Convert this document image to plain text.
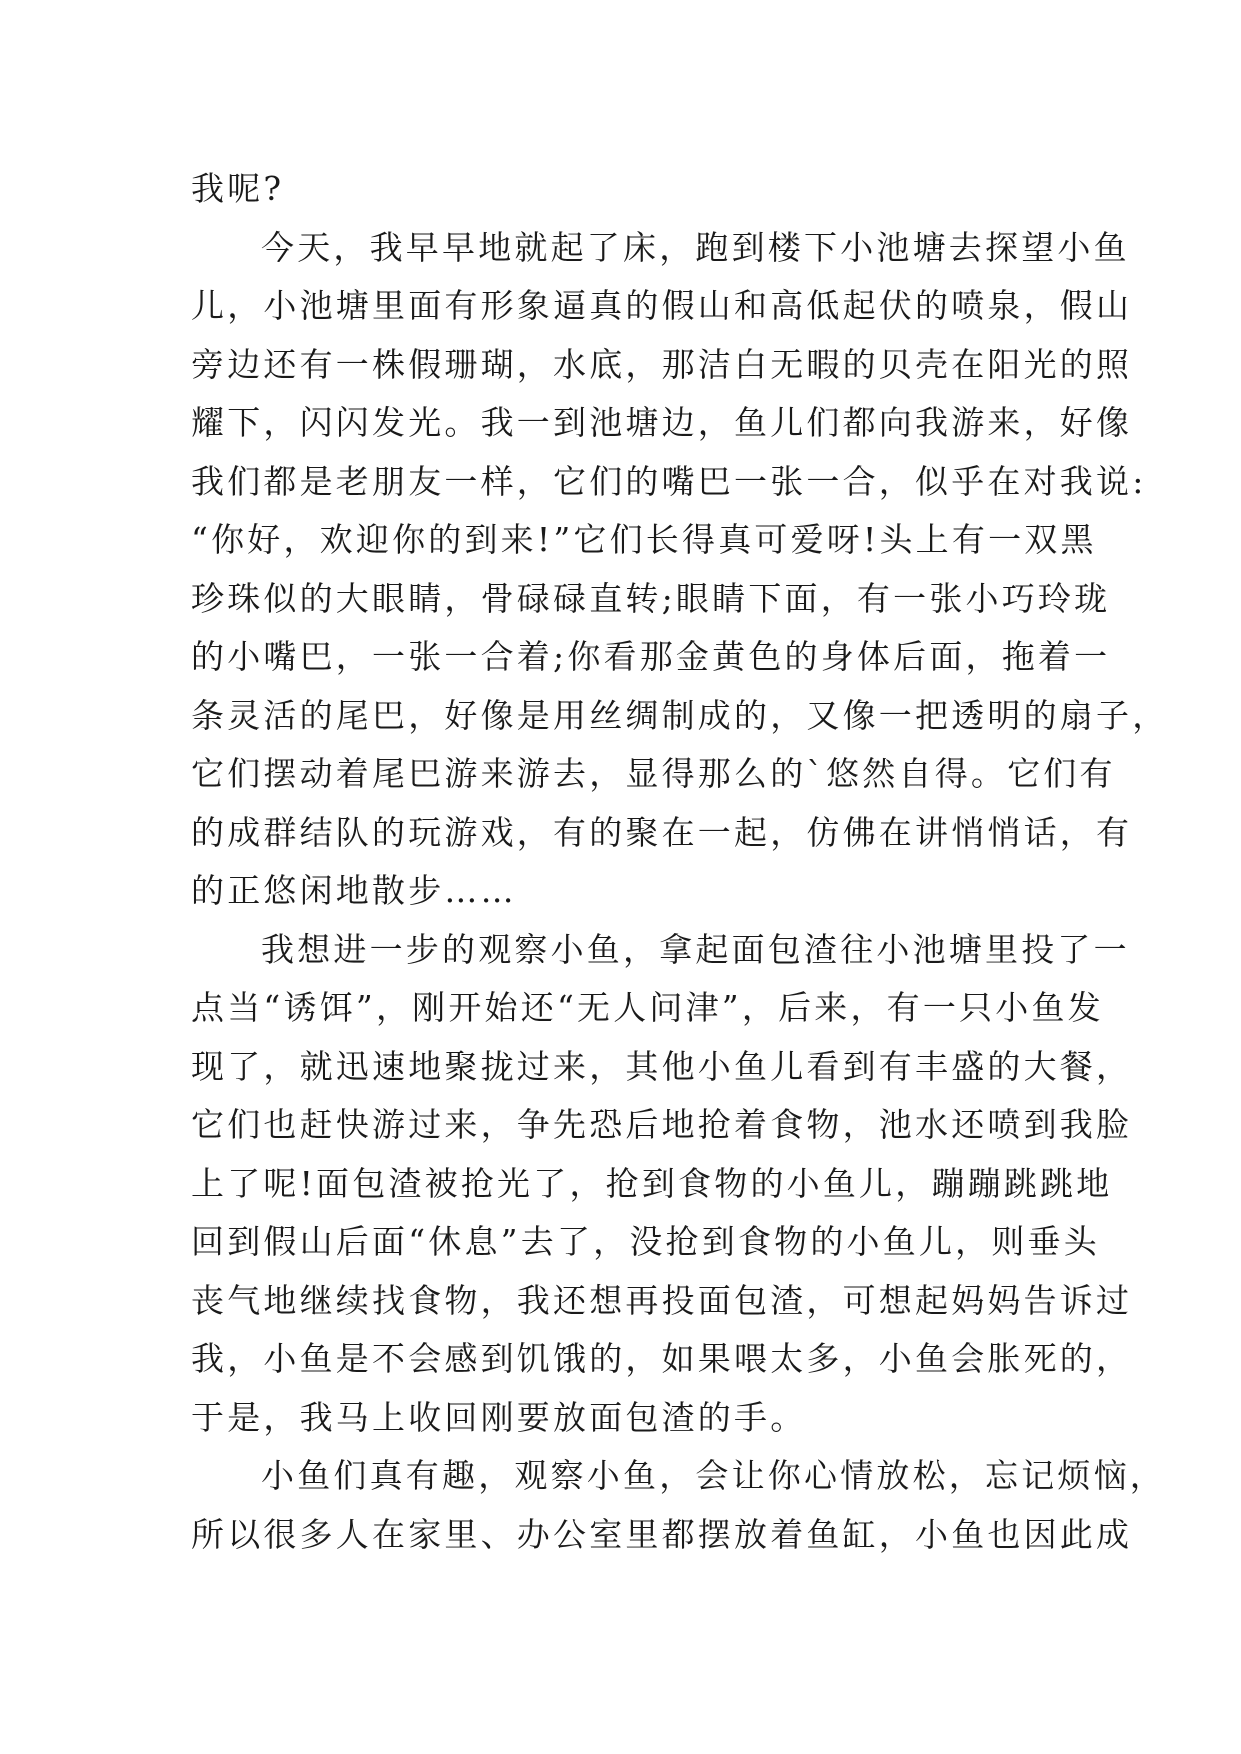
我呢?
今天，我早早地就起了床，跑到楼下小池塘去探望小鱼
儿，小池塘里面有形象逼真的假山和高低起伏的喷泉，假山
旁边还有一株假珊瑚，水底，那洁白无暇的贝壳在阳光的照
耀下，闪闪发光。我一到池塘边，鱼儿们都向我游来，好像
我们都是老朋友一样，它们的嘴巴一张一合，似乎在对我说:
“你好，欢迎你的到来!”它们长得真可爱呀!头上有一双黑
珍珠似的大眼睛，骨碌碌直转;眼睛下面，有一张小巧玲珑
的小嘴巴，一张一合着;你看那金黄色的身体后面，拖着一
条灵活的尾巴，好像是用丝绸制成的，又像一把透明的扇子，
它们摆动着尾巴游来游去，显得那么的`悠然自得。它们有
的成群结队的玩游戏，有的聚在一起，仿佛在讲悄悄话，有
的正悠闲地散步……
我想进一步的观察小鱼，拿起面包渣往小池塘里投了一
点当“诱饵”，刚开始还“无人问津”，后来，有一只小鱼发
现了，就迅速地聚拢过来，其他小鱼儿看到有丰盛的大餐，
它们也赶快游过来，争先恐后地抢着食物，池水还喷到我脸
上了呢!面包渣被抢光了，抢到食物的小鱼儿，蹦蹦跳跳地
回到假山后面“休息”去了，没抢到食物的小鱼儿，则垂头
丧气地继续找食物，我还想再投面包渣，可想起妈妈告诉过
我，小鱼是不会感到饥饿的，如果喂太多，小鱼会胀死的，
于是，我马上收回刚要放面包渣的手。
小鱼们真有趣，观察小鱼，会让你心情放松，忘记烦恼，
所以很多人在家里、办公室里都摆放着鱼缸，小鱼也因此成
